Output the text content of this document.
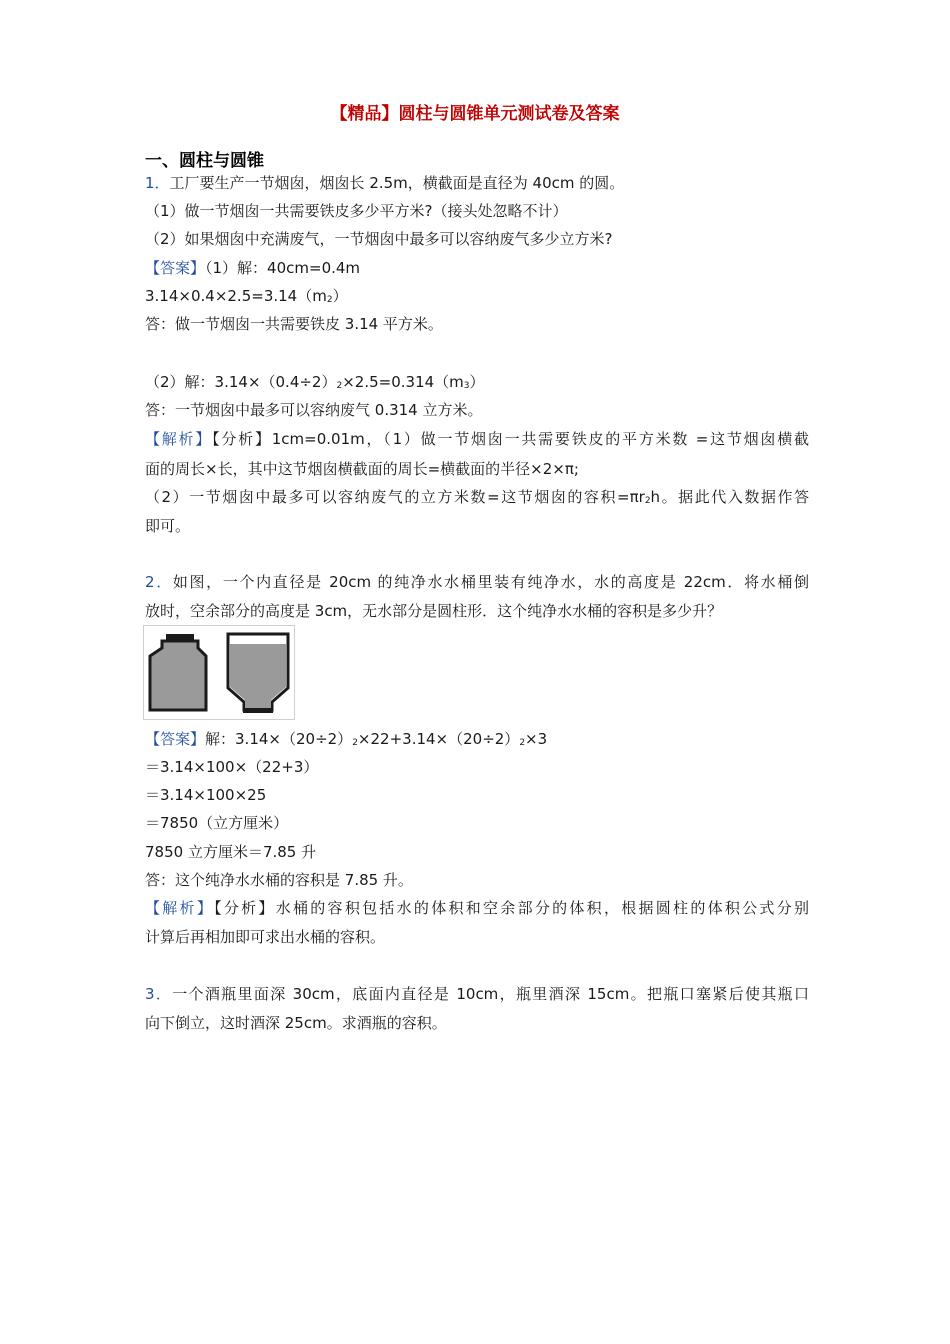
【精品】圆柱与圆锥单元测试卷及答案
一、圆柱与圆锥
1．工厂要生产一节烟囱，烟囱长 2.5m，横截面是直径为 40cm 的圆。
（1）做一节烟囱一共需要铁皮多少平方米?（接头处忽略不计）
（2）如果烟囱中充满废气，一节烟囱中最多可以容纳废气多少立方米?
【答案】（1）解：40cm=0.4m
3.14×0.4×2.5=3.14（m2）
答：做一节烟囱一共需要铁皮 3.14 平方米。
（2）解：3.14×（0.4÷2）2×2.5=0.314（m3）
答：一节烟囱中最多可以容纳废气 0.314 立方米。
【解析】【分析】1cm=0.01m，（1）做一节烟囱一共需要铁皮的平方米数 =这节烟囱横截
面的周长×长，其中这节烟囱横截面的周长=横截面的半径×2×π;
（2）一节烟囱中最多可以容纳废气的立方米数=这节烟囱的容积=πr2h。据此代入数据作答
即可。
2．如图，一个内直径是 20cm 的纯净水水桶里装有纯净水，水的高度是 22cm．将水桶倒
放时，空余部分的高度是 3cm，无水部分是圆柱形．这个纯净水水桶的容积是多少升？
【答案】解：3.14×（20÷2）2×22+3.14×（20÷2）2×3
＝3.14×100×（22+3）
＝3.14×100×25
＝7850（立方厘米）
7850 立方厘米＝7.85 升
答：这个纯净水水桶的容积是 7.85 升。
【解析】【分析】水桶的容积包括水的体积和空余部分的体积，根据圆柱的体积公式分别
计算后再相加即可求出水桶的容积。
3．一个酒瓶里面深 30cm，底面内直径是 10cm，瓶里酒深 15cm。把瓶口塞紧后使其瓶口
向下倒立，这时酒深 25cm。求酒瓶的容积。
